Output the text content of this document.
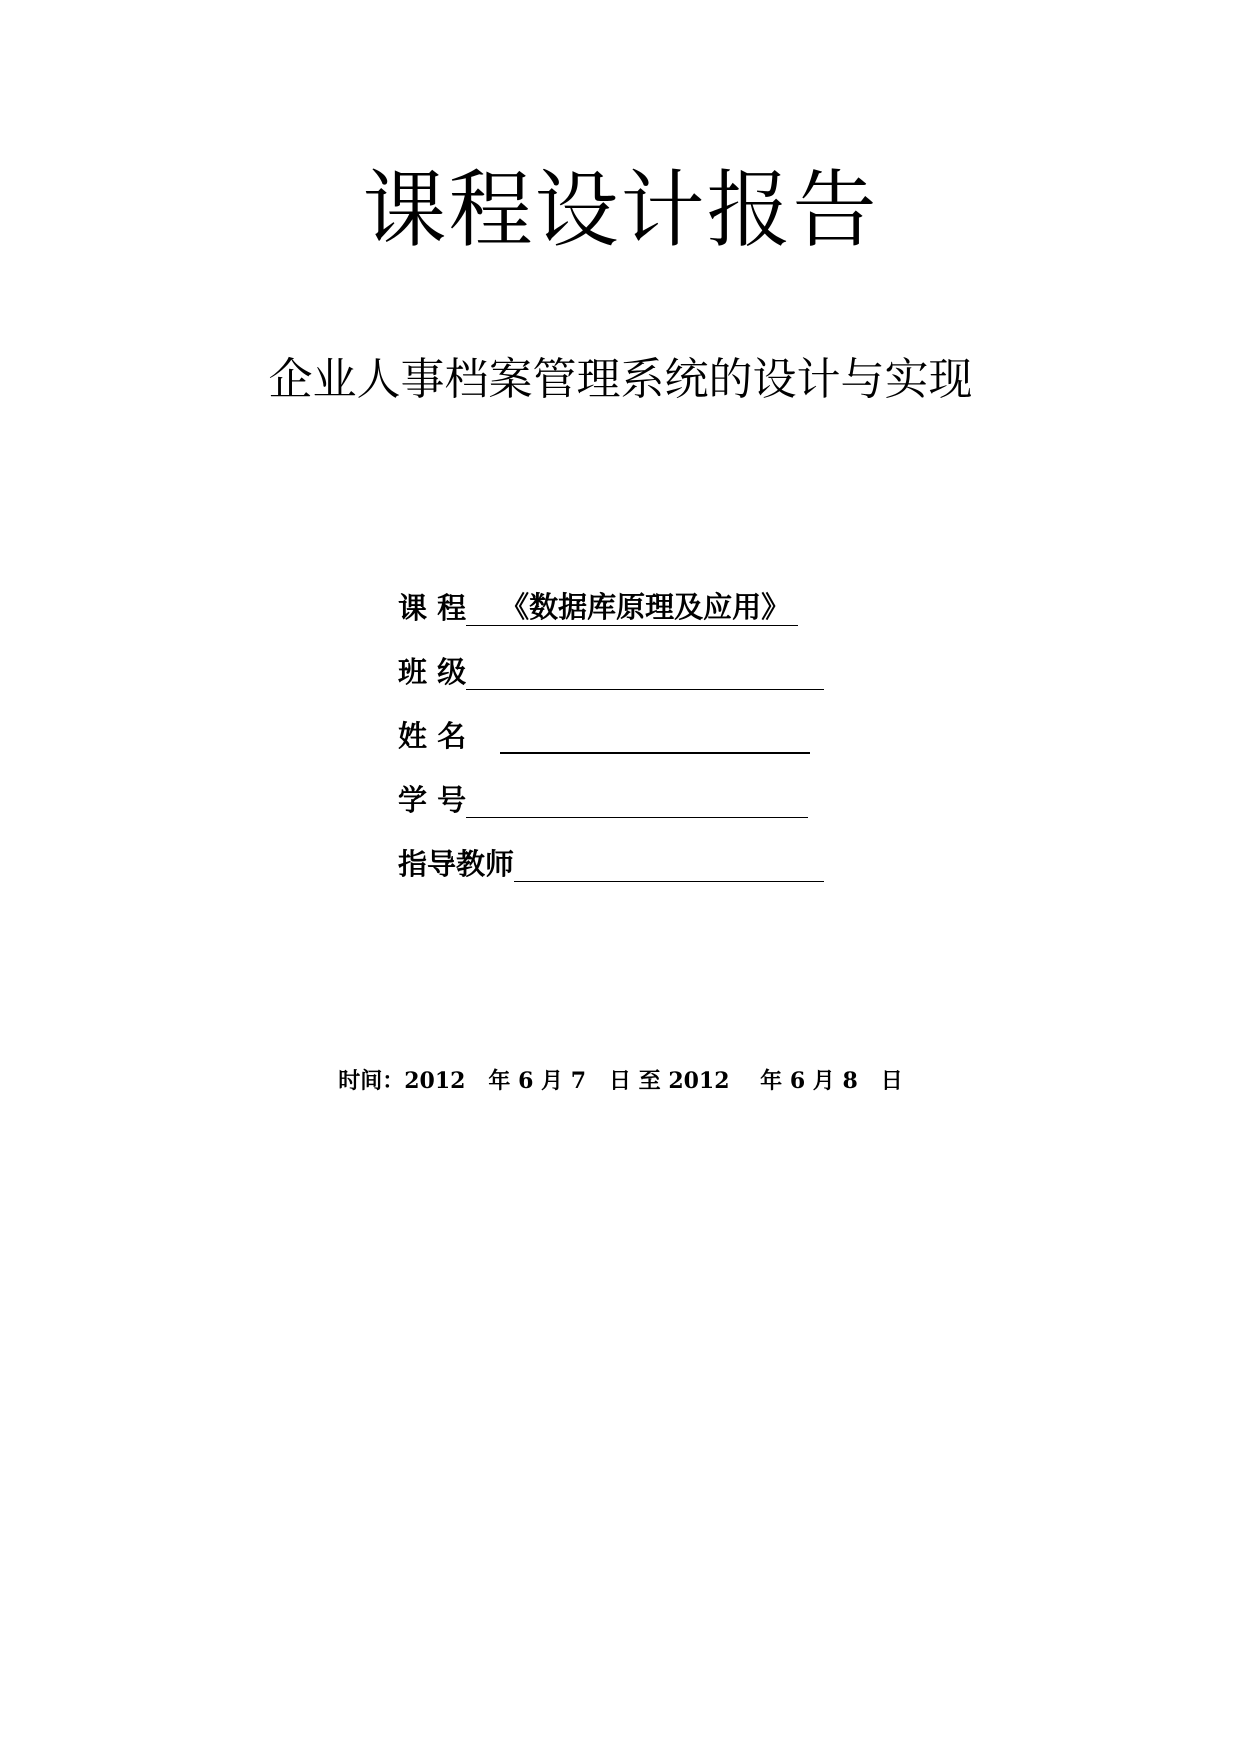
课程设计报告
企业人事档案管理系统的设计与实现
课 程	《数据库原理及应用》
班 级
姓 名
学 号
指导教师
时间：2012   年 6 月 7   日 至 2012    年 6 月 8   日
